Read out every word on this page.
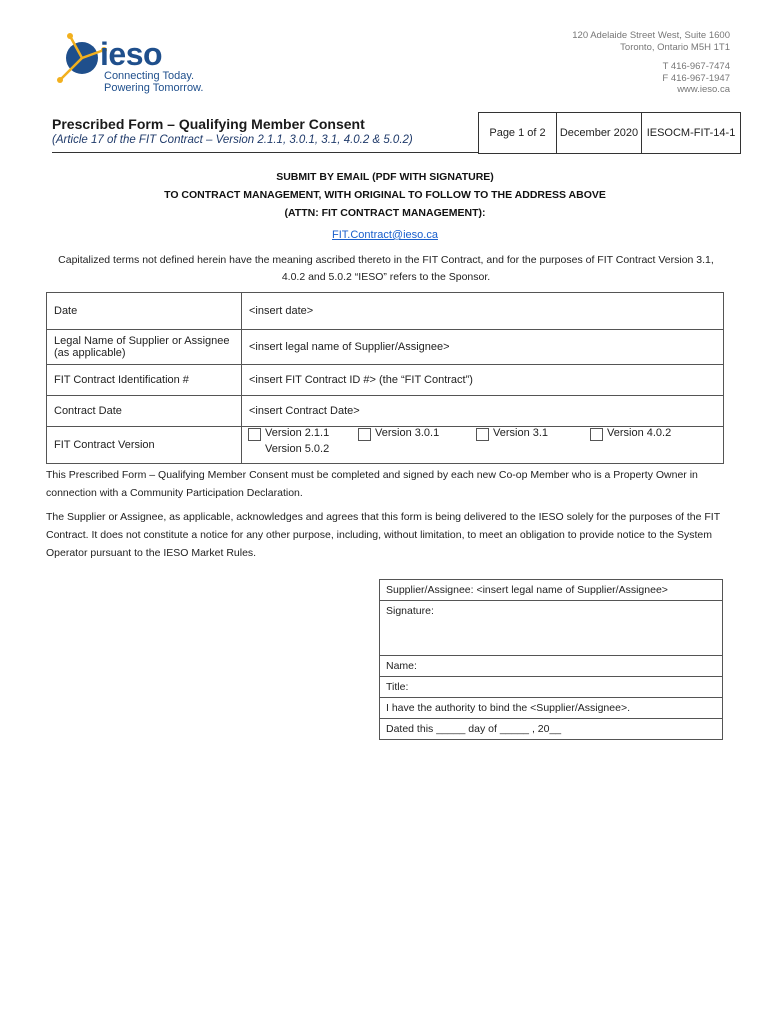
ieso
Connecting Today.
Powering Tomorrow.
120 Adelaide Street West, Suite 1600
Toronto, Ontario M5H 1T1
T 416-967-7474
F 416-967-1947
www.ieso.ca
Prescribed Form – Qualifying Member Consent
(Article 17 of the FIT Contract – Version 2.1.1, 3.0.1, 3.1, 4.0.2 & 5.0.2)
Page 1 of 2	December 2020 IESOCM-FIT-14-1
SUBMIT BY EMAIL (PDF WITH SIGNATURE)
TO CONTRACT MANAGEMENT, WITH ORIGINAL TO FOLLOW TO THE ADDRESS ABOVE
(ATTN: FIT CONTRACT MANAGEMENT):
FIT.Contract@ieso.ca
Capitalized terms not defined herein have the meaning ascribed thereto in the FIT Contract, and for the purposes of FIT Contract Version 3.1, 4.0.2 and 5.0.2 “IESO” refers to the Sponsor.
Date	<insert date>

Legal Name of Supplier or Assignee
(as applicable)	<insert legal name of Supplier/Assignee>
FIT Contract Identification #	<insert FIT Contract ID #> (the “FIT Contract”)
Contract Date	<insert Contract Date>
FIT Contract Version	Version 2.1.1 Version 3.0.1 Version 3.1 Version 4.0.2
Version 5.0.2
This Prescribed Form – Qualifying Member Consent must be completed and signed by each new Co-op Member who is a Property Owner in connection with a Community Participation Declaration.
The Supplier or Assignee, as applicable, acknowledges and agrees that this form is being delivered to the IESO solely for the purposes of the FIT Contract. It does not constitute a notice for any other purpose, including, without limitation, to meet an obligation to provide notice to the System Operator pursuant to the IESO Market Rules.
Supplier/Assignee: <insert legal name of Supplier/Assignee>
Signature:
Name:
Title:
I have the authority to bind the <Supplier/Assignee>.
Dated this _____ day of _____ , 20__
